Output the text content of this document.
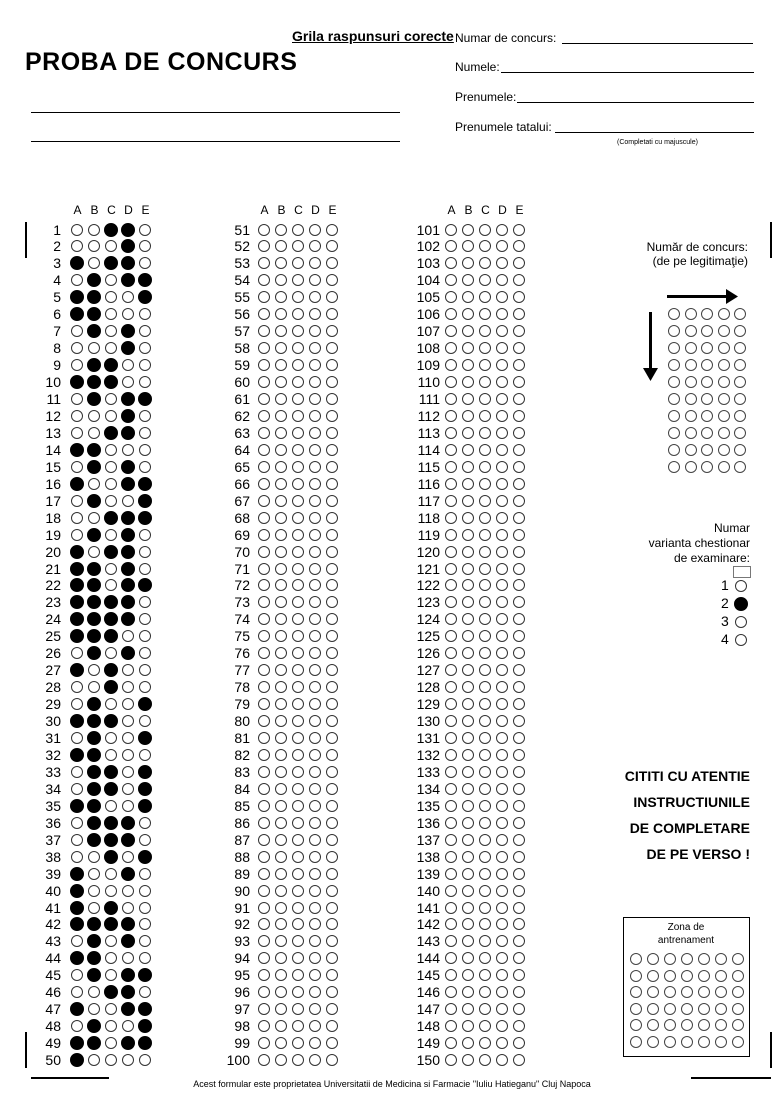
PROBA DE CONCURS
Grila raspunsuri corecte Numar de concurs:
Numele:
Prenumele:
Prenumele tatalui:
(Completati cu majuscule)
A B C D E	A B C D E	A B C D E
1
2
3
4
5
6
7
8
9
10
11
12
13
14
15
16
17
18
19
20
21
22
23
24
25
26
27
28
29
30
31
32
33
34
35
36
37
38
39
40
41
42
43
44
45
46
47
48
49
50
51
52
53
54
55
56
57
58
59
60
61
62
63
64
65
66
67
68
69
70
71
72
73
74
75
76
77
78
79
80
81
82
83
84
85
86
87
88
89
90
91
92
93
94
95
96
97
98
99
100
101
102
103
104
105
106
107
108
109
110
111
112
113
114
115
116
117
118
119
120
121
122
123
124
125
126
127
128
129
130
131
132
133
134
135
136
137
138
139
140
141
142
143
144
145
146
147
148
149
150
Număr de concurs:
(de pe legitimaţie)
Numar
varianta chestionar
de examinare:
1
2
3
4
CITITI CU ATENTIE
INSTRUCTIUNILE
DE COMPLETARE
DE PE VERSO !
Zona de
antrenament
Acest formular este proprietatea Universitatii de Medicina si Farmacie "Iuliu Hatieganu" Cluj Napoca
